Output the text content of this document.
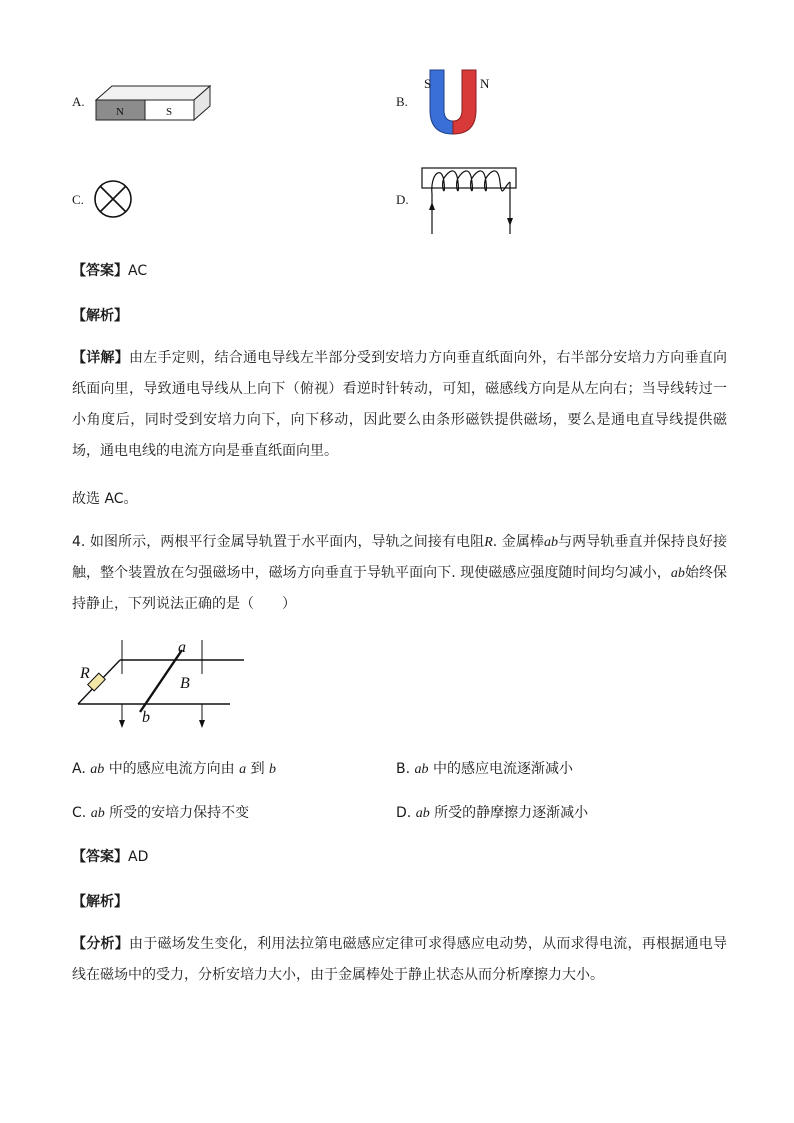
A.
N	S
B.
S	N
C.	D.
【答案】AC
【解析】
【详解】由左手定则，结合通电导线左半部分受到安培力方向垂直纸面向外，右半部分安培力方向垂直向纸面向里，导致通电导线从上向下（俯视）看逆时针转动，可知，磁感线方向是从左向右；当导线转过一小角度后，同时受到安培力向下，向下移动，因此要么由条形磁铁提供磁场，要么是通电直导线提供磁场，通电电线的电流方向是垂直纸面向里。
故选 AC。
4. 如图所示，两根平行金属导轨置于水平面内，导轨之间接有电阻R. 金属棒ab与两导轨垂直并保持良好接触，整个装置放在匀强磁场中，磁场方向垂直于导轨平面向下. 现使磁感应强度随时间均匀减小，ab始终保持静止，下列说法正确的是（　　）
a
b
R
B
A. ab 中的感应电流方向由 a 到 b	B. ab 中的感应电流逐渐减小
C. ab 所受的安培力保持不变	D. ab 所受的静摩擦力逐渐减小
【答案】AD
【解析】
【分析】由于磁场发生变化，利用法拉第电磁感应定律可求得感应电动势，从而求得电流，再根据通电导线在磁场中的受力，分析安培力大小，由于金属棒处于静止状态从而分析摩擦力大小。
